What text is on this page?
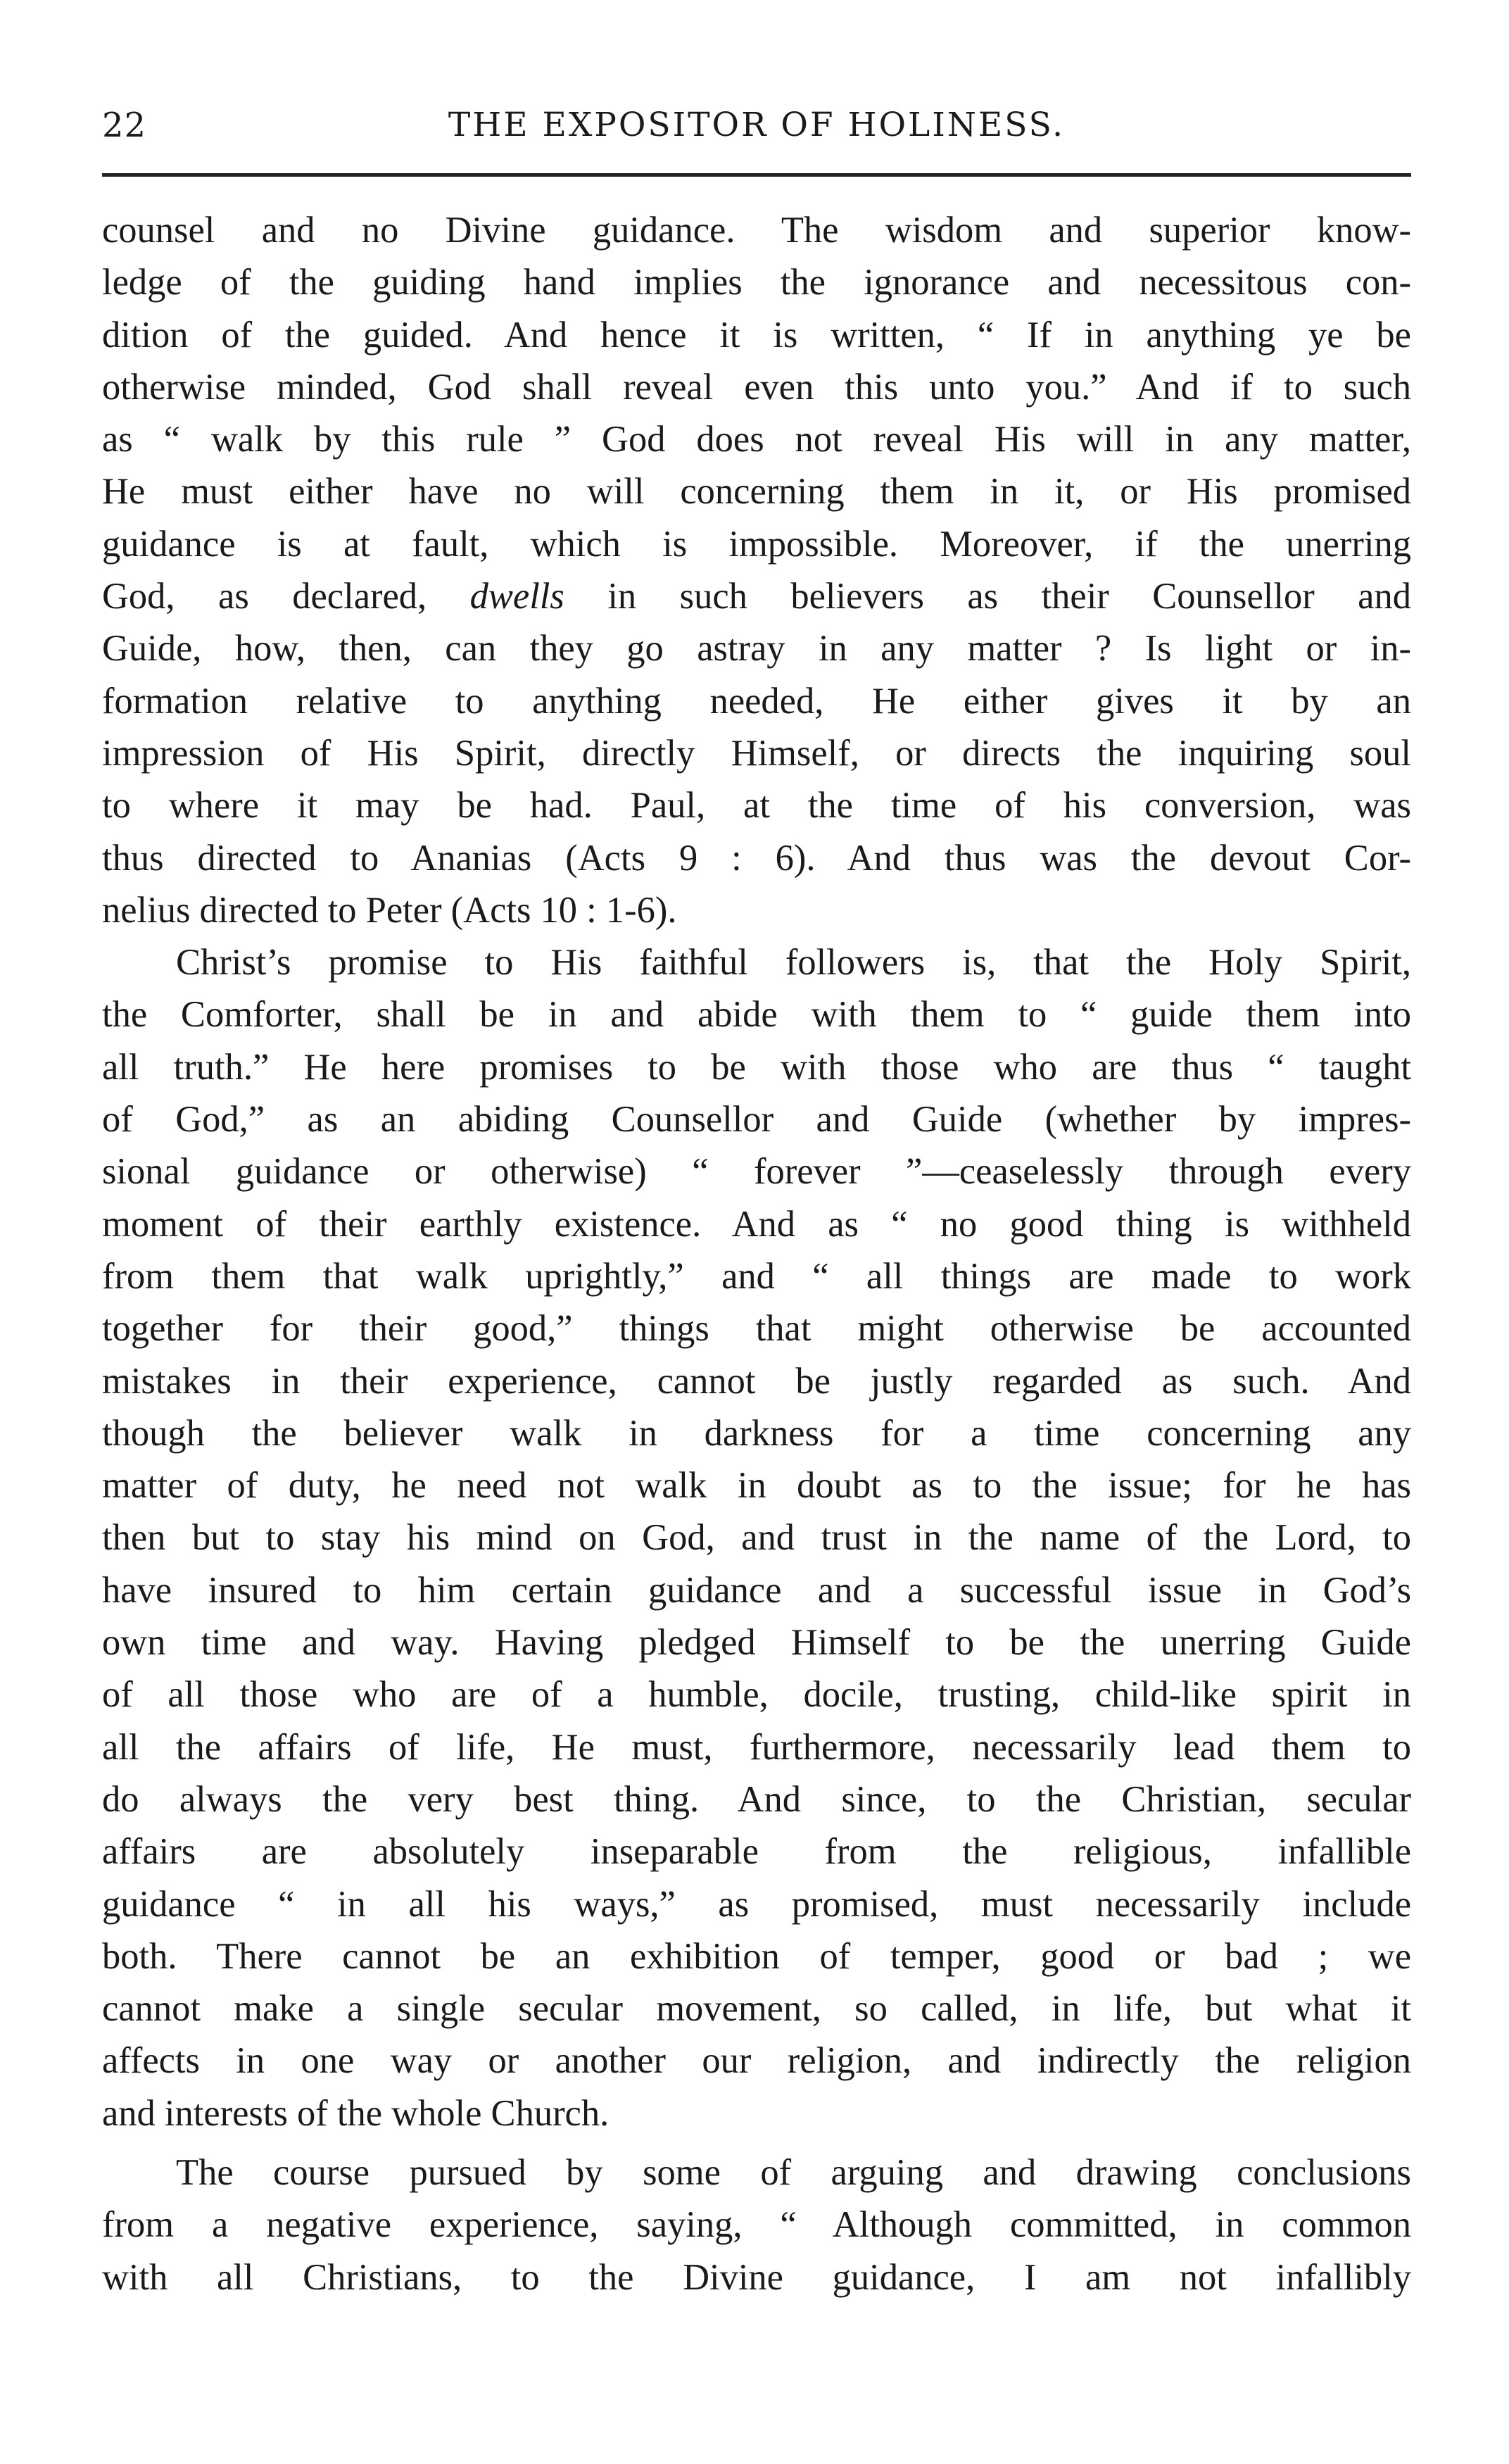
22	THE EXPOSITOR OF HOLINESS.

counsel and no Divine guidance. The wisdom and superior know-
ledge of the guiding hand implies the ignorance and necessitous con-
dition of the guided. And hence it is written, “ If in anything ye be
otherwise minded, God shall reveal even this unto you.” And if to such
as “ walk by this rule ” God does not reveal His will in any matter,
He must either have no will concerning them in it, or His promised
guidance is at fault, which is impossible. Moreover, if the unerring
God, as declared, dwells in such believers as their Counsellor and
Guide, how, then, can they go astray in any matter ? Is light or in-
formation relative to anything needed, He either gives it by an
impression of His Spirit, directly Himself, or directs the inquiring soul
to where it may be had. Paul, at the time of his conversion, was
thus directed to Ananias (Acts 9 : 6). And thus was the devout Cor-
nelius directed to Peter (Acts 10 : 1-6).

Christ’s promise to His faithful followers is, that the Holy Spirit,
the Comforter, shall be in and abide with them to “ guide them into
all truth.” He here promises to be with those who are thus “ taught
of God,” as an abiding Counsellor and Guide (whether by impres-
sional guidance or otherwise) “ forever ”—ceaselessly through every
moment of their earthly existence. And as “ no good thing is withheld
from them that walk uprightly,” and “ all things are made to work
together for their good,” things that might otherwise be accounted
mistakes in their experience, cannot be justly regarded as such. And
though the believer walk in darkness for a time concerning any
matter of duty, he need not walk in doubt as to the issue; for he has
then but to stay his mind on God, and trust in the name of the Lord, to
have insured to him certain guidance and a successful issue in God’s
own time and way. Having pledged Himself to be the unerring Guide
of all those who are of a humble, docile, trusting, child-like spirit in
all the affairs of life, He must, furthermore, necessarily lead them to
do always the very best thing. And since, to the Christian, secular
affairs are absolutely inseparable from the religious, infallible
guidance “ in all his ways,” as promised, must necessarily include
both. There cannot be an exhibition of temper, good or bad ; we
cannot make a single secular movement, so called, in life, but what it
affects in one way or another our religion, and indirectly the religion
and interests of the whole Church.

The course pursued by some of arguing and drawing conclusions
from a negative experience, saying, “ Although committed, in common
with all Christians, to the Divine guidance, I am not infallibly
